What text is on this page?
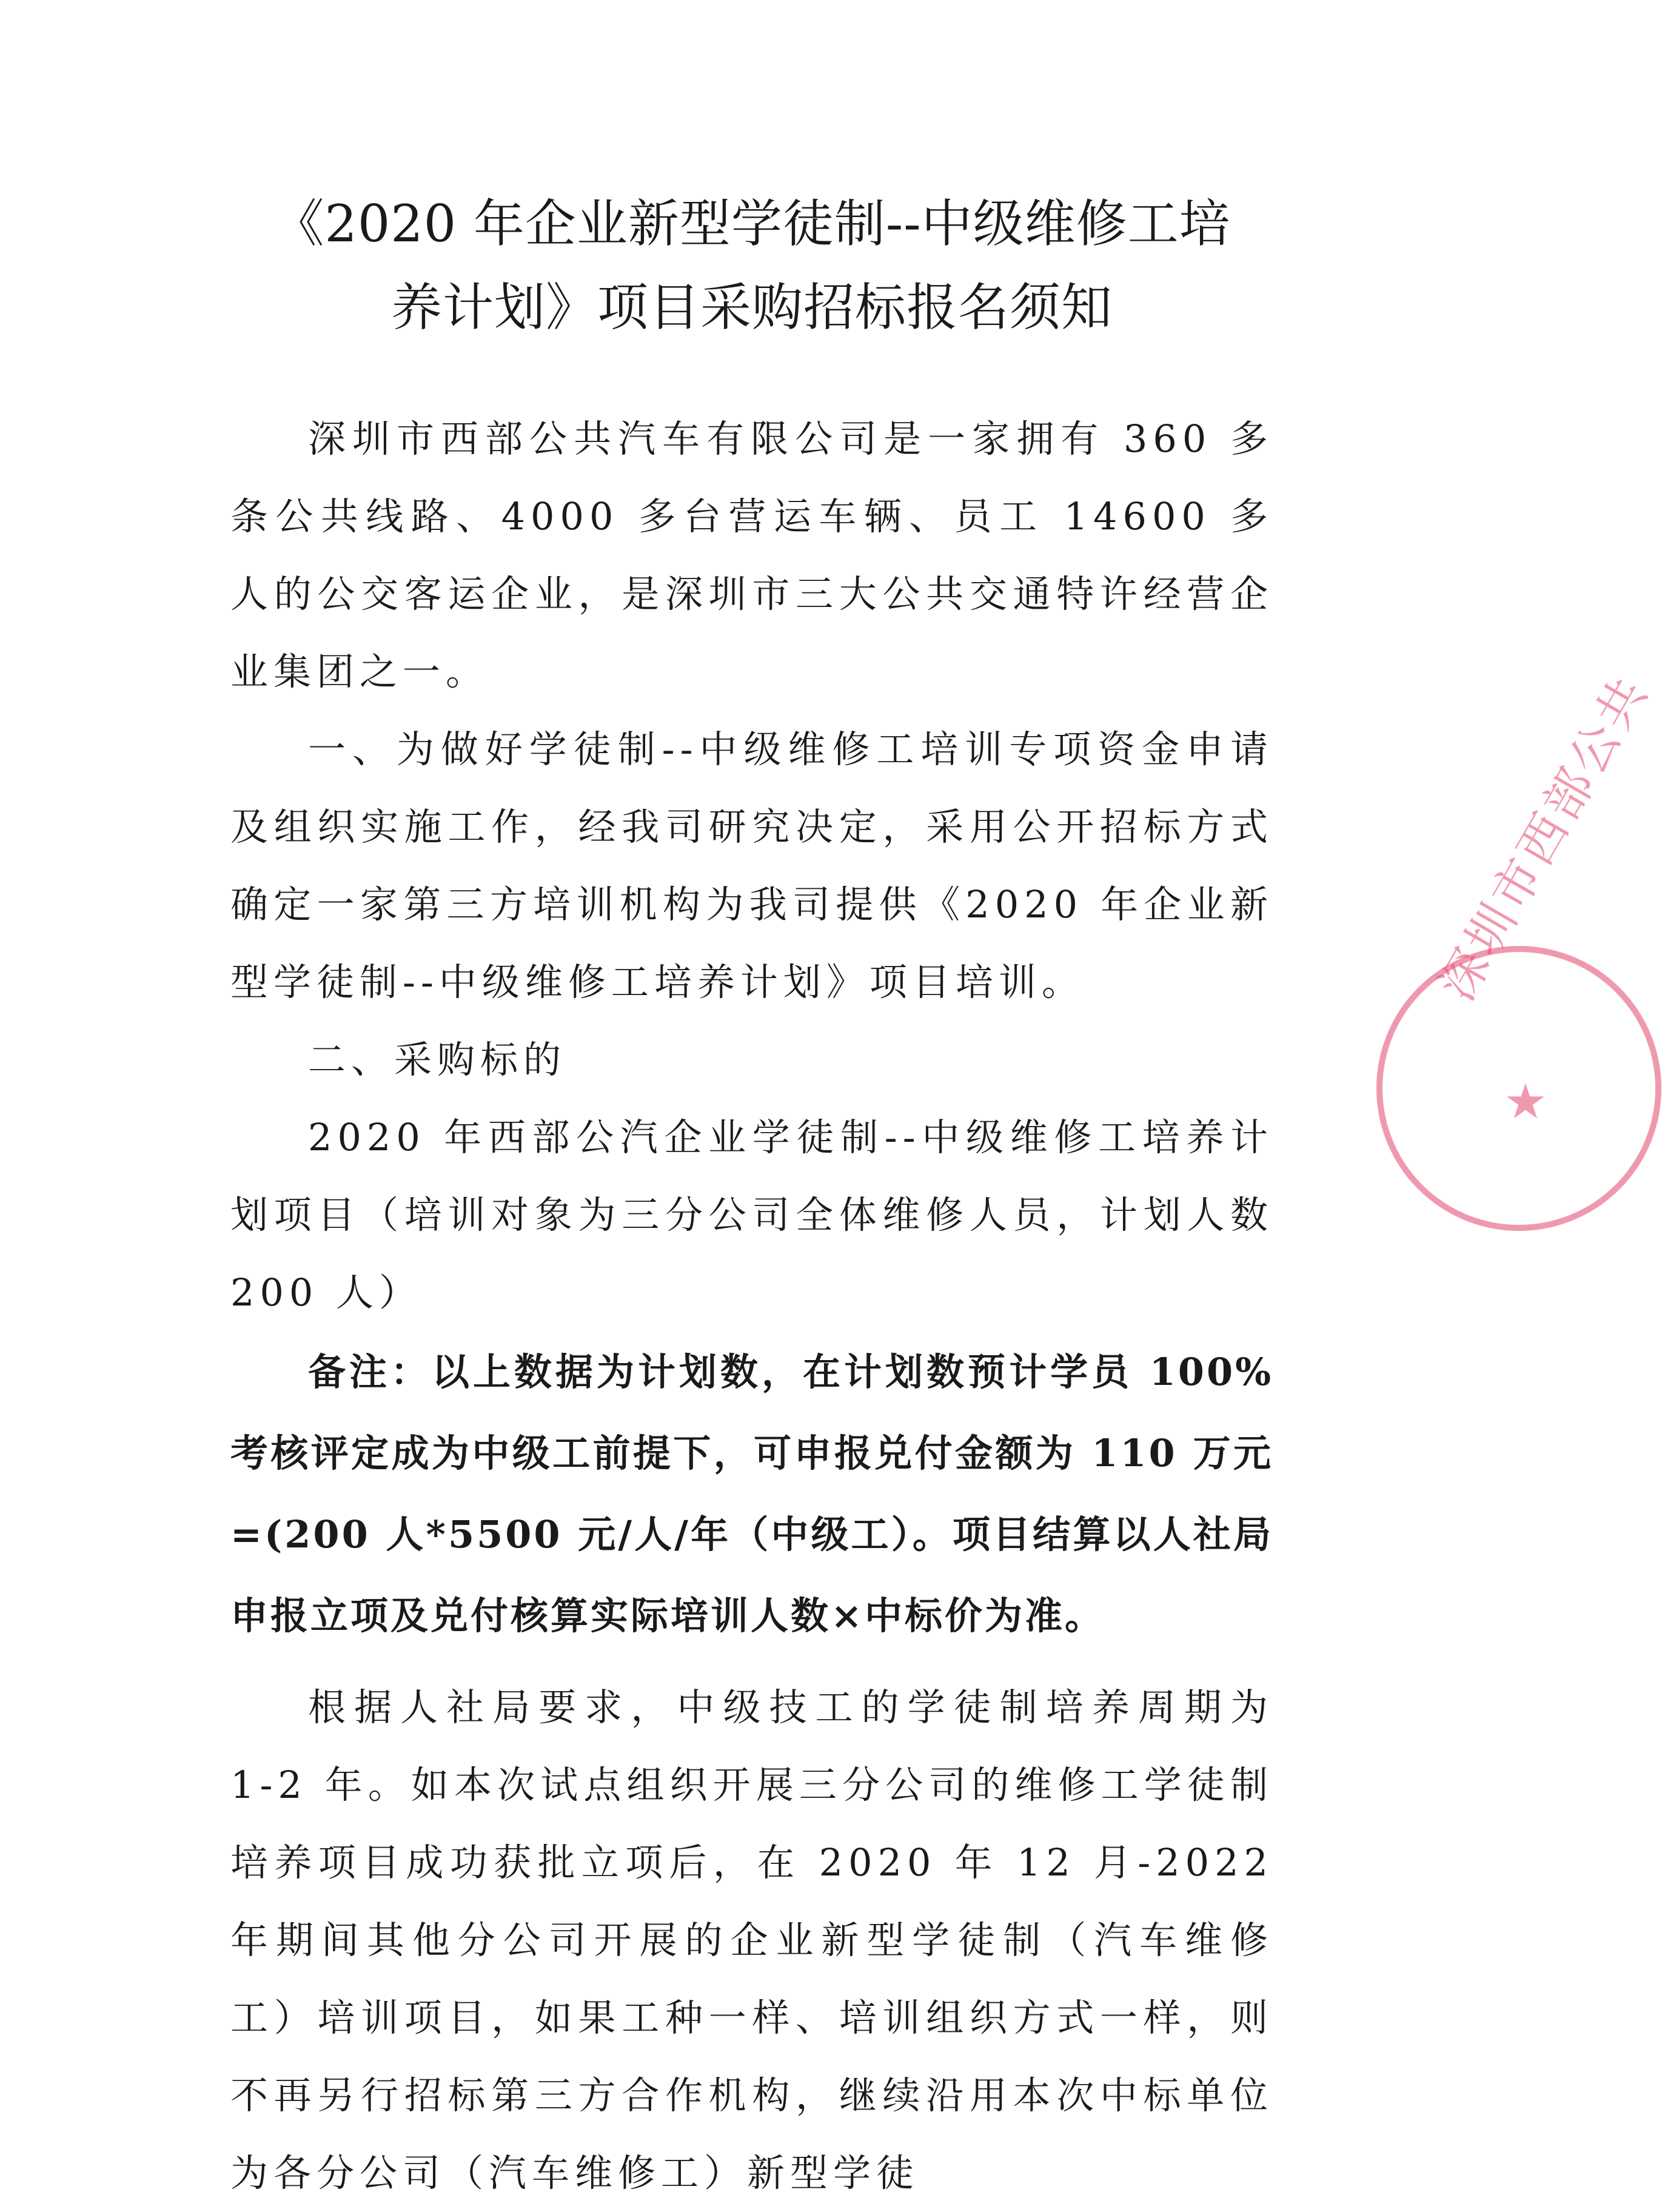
《2020 年企业新型学徒制--中级维修工培
养计划》项目采购招标报名须知

深圳市西部公共汽车有限公司是一家拥有 360 多条公共线路、4000 多台营运车辆、员工 14600 多人的公交客运企业，是深圳市三大公共交通特许经营企业集团之一。

一、为做好学徒制--中级维修工培训专项资金申请及组织实施工作，经我司研究决定，采用公开招标方式确定一家第三方培训机构为我司提供《2020 年企业新型学徒制--中级维修工培养计划》项目培训。

二、采购标的

2020 年西部公汽企业学徒制--中级维修工培养计划项目（培训对象为三分公司全体维修人员，计划人数 200 人）

备注：以上数据为计划数，在计划数预计学员 100% 考核评定成为中级工前提下，可申报兑付金额为 110 万元=(200 人*5500 元/人/年（中级工）。项目结算以人社局申报立项及兑付核算实际培训人数×中标价为准。

根据人社局要求，中级技工的学徒制培养周期为 1-2 年。如本次试点组织开展三分公司的维修工学徒制培养项目成功获批立项后，在 2020 年 12 月-2022 年期间其他分公司开展的企业新型学徒制（汽车维修工）培训项目，如果工种一样、培训组织方式一样，则不再另行招标第三方合作机构，继续沿用本次中标单位为各分公司（汽车维修工）新型学徒

深圳市西部公共
★
